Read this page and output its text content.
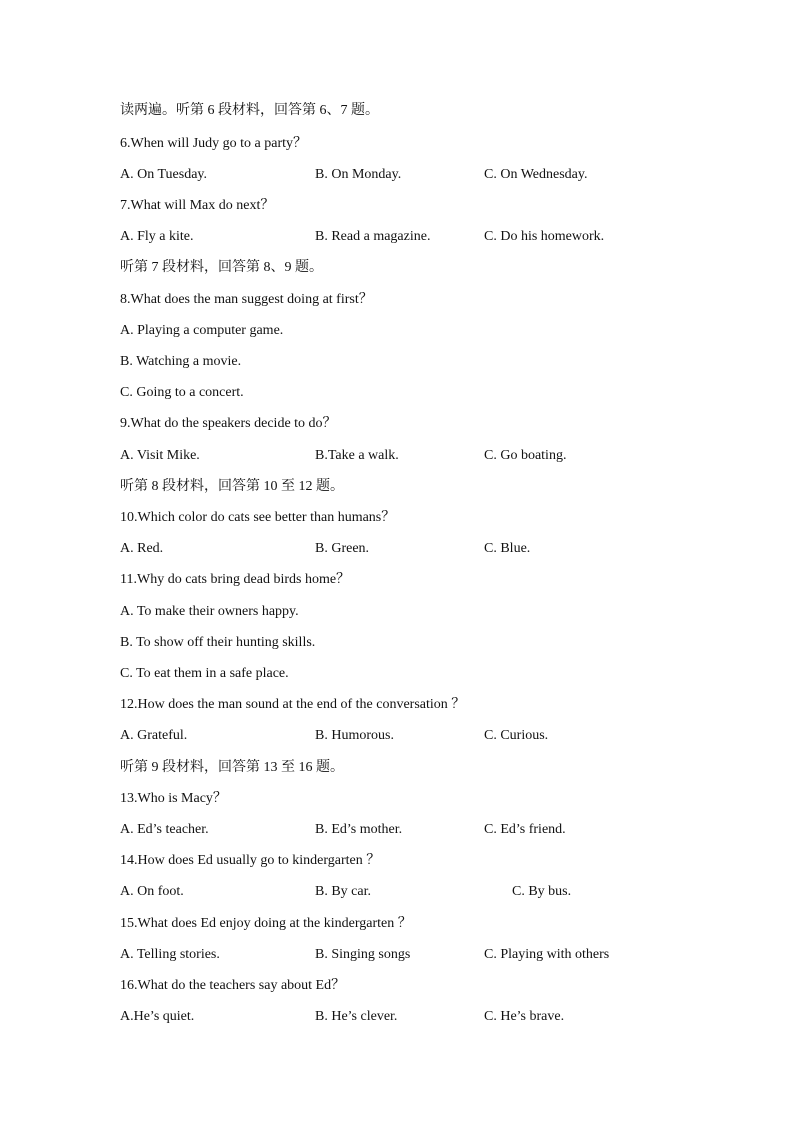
读两遍。听第 6 段材料，回答第 6、7 题。
6.When will Judy go to a party？
A. On Tuesday.	B. On Monday.	C. On Wednesday.
7.What will Max do next？
A. Fly a kite.	B. Read a magazine.	C. Do his homework.
听第 7 段材料，回答第 8、9 题。
8.What does the man suggest doing at first？
A. Playing a computer game.
B. Watching a movie.
C. Going to a concert.
9.What do the speakers decide to do？
A. Visit Mike.	B.Take a walk.	C. Go boating.
听第 8 段材料，回答第 10 至 12 题。
10.Which color do cats see better than humans？
A. Red.	B. Green.	C. Blue.
11.Why do cats bring dead birds home？
A. To make their owners happy.
B. To show off their hunting skills.
C. To eat them in a safe place.
12.How does the man sound at the end of the conversation ？
A. Grateful.	B. Humorous.	C. Curious.
听第 9 段材料，回答第 13 至 16 题。
13.Who is Macy？
A. Ed’s teacher.	B. Ed’s mother.	C. Ed’s friend.
14.How does Ed usually go to kindergarten ？
A. On foot.	B. By car.	C. By bus.
15.What does Ed enjoy doing at the kindergarten ？
A. Telling stories.	B. Singing songs	C. Playing with others
16.What do the teachers say about Ed？
A.He’s quiet.	B. He’s clever.	C. He’s brave.
